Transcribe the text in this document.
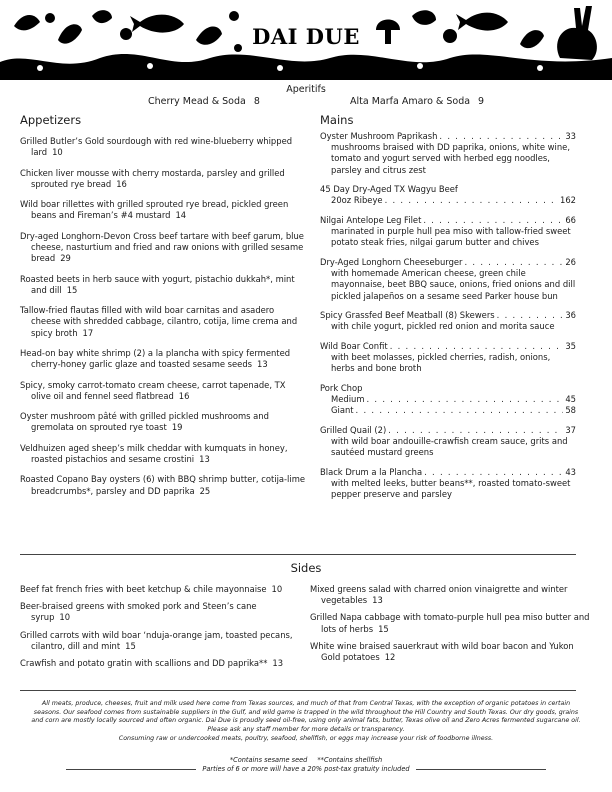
DAI DUE
Aperitifs
Cherry Mead & Soda 8	Alta Marfa Amaro & Soda 9
Appetizers
Grilled Butler’s Gold sourdough with red wine-blueberry whipped lard 10
Chicken liver mousse with cherry mostarda, parsley and grilled sprouted rye bread 16
Wild boar rillettes with grilled sprouted rye bread, pickled green beans and Fireman’s #4 mustard 14
Dry-aged Longhorn-Devon Cross beef tartare with beef garum, blue cheese, nasturtium and fried and raw onions with grilled sesame bread 29
Roasted beets in herb sauce with yogurt, pistachio dukkah*, mint and dill 15
Tallow-fried flautas filled with wild boar carnitas and asadero cheese with shredded cabbage, cilantro, cotija, lime crema and spicy broth 17
Head-on bay white shrimp (2) a la plancha with spicy fermented cherry-honey garlic glaze and toasted sesame seeds 13
Spicy, smoky carrot-tomato cream cheese, carrot tapenade, TX olive oil and fennel seed flatbread 16
Oyster mushroom pâté with grilled pickled mushrooms and gremolata on sprouted rye toast 19
Veldhuizen aged sheep’s milk cheddar with kumquats in honey, roasted pistachios and sesame crostini 13
Roasted Copano Bay oysters (6) with BBQ shrimp butter, cotija-lime breadcrumbs*, parsley and DD paprika 25
Mains
Oyster Mushroom Paprikash . . .	33
mushrooms braised with DD paprika, onions, white wine, tomato and yogurt served with herbed egg noodles, parsley and citrus zest
45 Day Dry-Aged TX Wagyu Beef
20oz Ribeye . . .	162
Nilgai Antelope Leg Filet . . .	66
marinated in purple hull pea miso with tallow-fried sweet potato steak fries, nilgai garum butter and chives
Dry-Aged Longhorn Cheeseburger . . .	26
with homemade American cheese, green chile mayonnaise, beet BBQ sauce, onions, fried onions and dill pickled jalapeños on a sesame seed Parker house bun
Spicy Grassfed Beef Meatball (8) Skewers . . .	36
with chile yogurt, pickled red onion and morita sauce
Wild Boar Confit . . .	35
with beet molasses, pickled cherries, radish, onions, herbs and bone broth
Pork Chop
Medium . . .	45
Giant . . .	58
Grilled Quail (2) . . .	37
with wild boar andouille-crawfish cream sauce, grits and sautéed mustard greens
Black Drum a la Plancha . . .	43
with melted leeks, butter beans**, roasted tomato-sweet pepper preserve and parsley
Sides
Beef fat french fries with beet ketchup & chile mayonnaise 10
Beer-braised greens with smoked pork and Steen’s cane syrup 10
Grilled carrots with wild boar ‘nduja-orange jam, toasted pecans, cilantro, dill and mint 15
Crawfish and potato gratin with scallions and DD paprika** 13
Mixed greens salad with charred onion vinaigrette and winter vegetables 13
Grilled Napa cabbage with tomato-purple hull pea miso butter and lots of herbs 15
White wine braised sauerkraut with wild boar bacon and Yukon Gold potatoes 12
All meats, produce, cheeses, fruit and milk used here come from Texas sources, and much of that from Central Texas, with the exception of organic potatoes in certain seasons. Our seafood comes from sustainable suppliers in the Gulf, and wild game is trapped in the wild throughout the Hill Country and South Texas. Our dry goods, grains and corn are mostly locally sourced and often organic. Dai Due is proudly seed oil-free, using only animal fats, butter, Texas olive oil and Zero Acres fermented sugarcane oil. Please ask any staff member for more details or transparency.
Consuming raw or undercooked meats, poultry, seafood, shellfish, or eggs may increase your risk of foodborne illness.
*Contains sesame seed **Contains shellfish
Parties of 6 or more will have a 20% post-tax gratuity included
